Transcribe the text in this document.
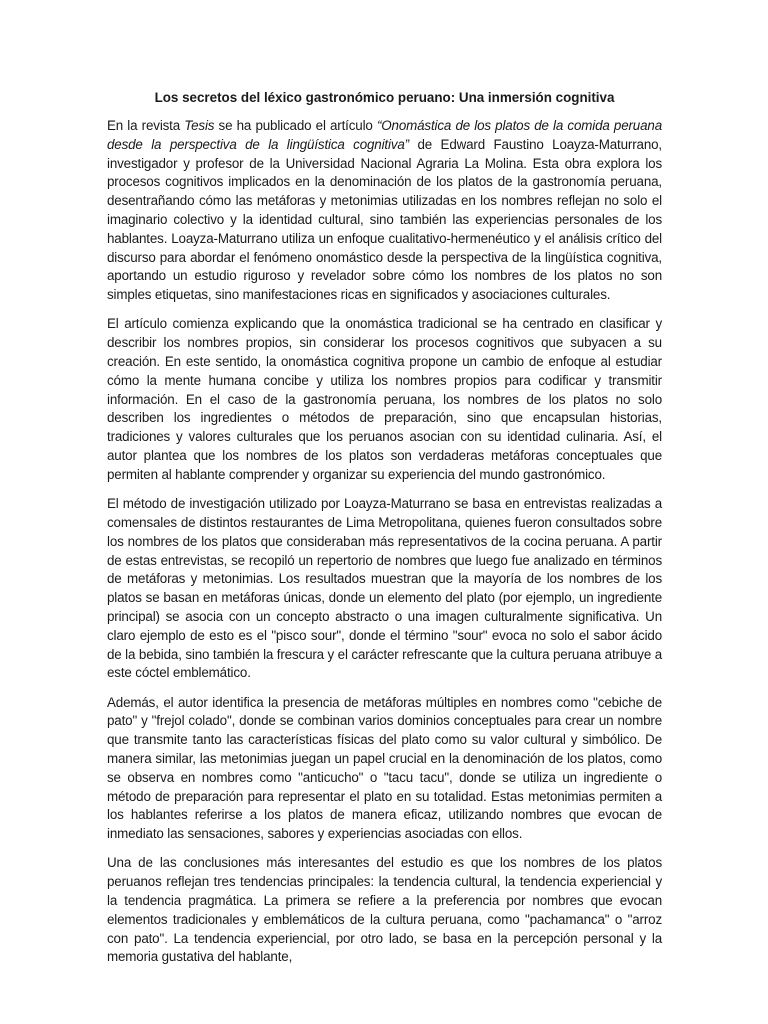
Los secretos del léxico gastronómico peruano: Una inmersión cognitiva

En la revista Tesis se ha publicado el artículo “Onomástica de los platos de la comida peruana desde la perspectiva de la lingüística cognitiva” de Edward Faustino Loayza-Maturrano, investigador y profesor de la Universidad Nacional Agraria La Molina. Esta obra explora los procesos cognitivos implicados en la denominación de los platos de la gastronomía peruana, desentrañando cómo las metáforas y metonimias utilizadas en los nombres reflejan no solo el imaginario colectivo y la identidad cultural, sino también las experiencias personales de los hablantes. Loayza-Maturrano utiliza un enfoque cualitativo-hermenéutico y el análisis crítico del discurso para abordar el fenómeno onomástico desde la perspectiva de la lingüística cognitiva, aportando un estudio riguroso y revelador sobre cómo los nombres de los platos no son simples etiquetas, sino manifestaciones ricas en significados y asociaciones culturales.

El artículo comienza explicando que la onomástica tradicional se ha centrado en clasificar y describir los nombres propios, sin considerar los procesos cognitivos que subyacen a su creación. En este sentido, la onomástica cognitiva propone un cambio de enfoque al estudiar cómo la mente humana concibe y utiliza los nombres propios para codificar y transmitir información. En el caso de la gastronomía peruana, los nombres de los platos no solo describen los ingredientes o métodos de preparación, sino que encapsulan historias, tradiciones y valores culturales que los peruanos asocian con su identidad culinaria. Así, el autor plantea que los nombres de los platos son verdaderas metáforas conceptuales que permiten al hablante comprender y organizar su experiencia del mundo gastronómico.

El método de investigación utilizado por Loayza-Maturrano se basa en entrevistas realizadas a comensales de distintos restaurantes de Lima Metropolitana, quienes fueron consultados sobre los nombres de los platos que consideraban más representativos de la cocina peruana. A partir de estas entrevistas, se recopiló un repertorio de nombres que luego fue analizado en términos de metáforas y metonimias. Los resultados muestran que la mayoría de los nombres de los platos se basan en metáforas únicas, donde un elemento del plato (por ejemplo, un ingrediente principal) se asocia con un concepto abstracto o una imagen culturalmente significativa. Un claro ejemplo de esto es el "pisco sour", donde el término "sour" evoca no solo el sabor ácido de la bebida, sino también la frescura y el carácter refrescante que la cultura peruana atribuye a este cóctel emblemático.

Además, el autor identifica la presencia de metáforas múltiples en nombres como "cebiche de pato" y "frejol colado", donde se combinan varios dominios conceptuales para crear un nombre que transmite tanto las características físicas del plato como su valor cultural y simbólico. De manera similar, las metonimias juegan un papel crucial en la denominación de los platos, como se observa en nombres como "anticucho" o "tacu tacu", donde se utiliza un ingrediente o método de preparación para representar el plato en su totalidad. Estas metonimias permiten a los hablantes referirse a los platos de manera eficaz, utilizando nombres que evocan de inmediato las sensaciones, sabores y experiencias asociadas con ellos.

Una de las conclusiones más interesantes del estudio es que los nombres de los platos peruanos reflejan tres tendencias principales: la tendencia cultural, la tendencia experiencial y la tendencia pragmática. La primera se refiere a la preferencia por nombres que evocan elementos tradicionales y emblemáticos de la cultura peruana, como "pachamanca" o "arroz con pato". La tendencia experiencial, por otro lado, se basa en la percepción personal y la memoria gustativa del hablante,
